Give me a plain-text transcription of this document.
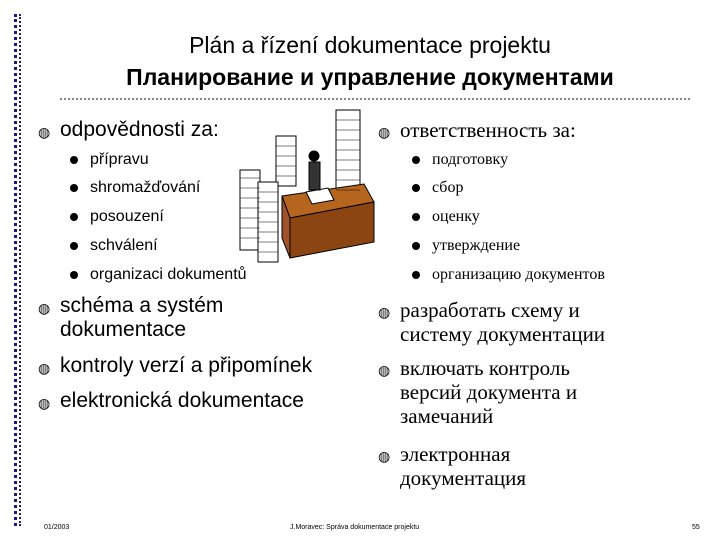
Plán a řízení dokumentace projektu
Планирование и управление документами
◍ odpovědnosti za:
přípravu
shromažďování
posouzení
schválení
organizaci dokumentů
◍ schéma a systém
dokumentace
◍ kontroly verzí a připomínek
◍ elektronická dokumentace
◍ ответственность за:
подготовку
сбор
оценку
утверждение
организацию документов
◍ разработать схему и
систему документации
◍ включать контроль
версий документа и
замечаний
◍ электронная
документация
01/2003	J.Moravec: Správa dokumentace projektu	55
